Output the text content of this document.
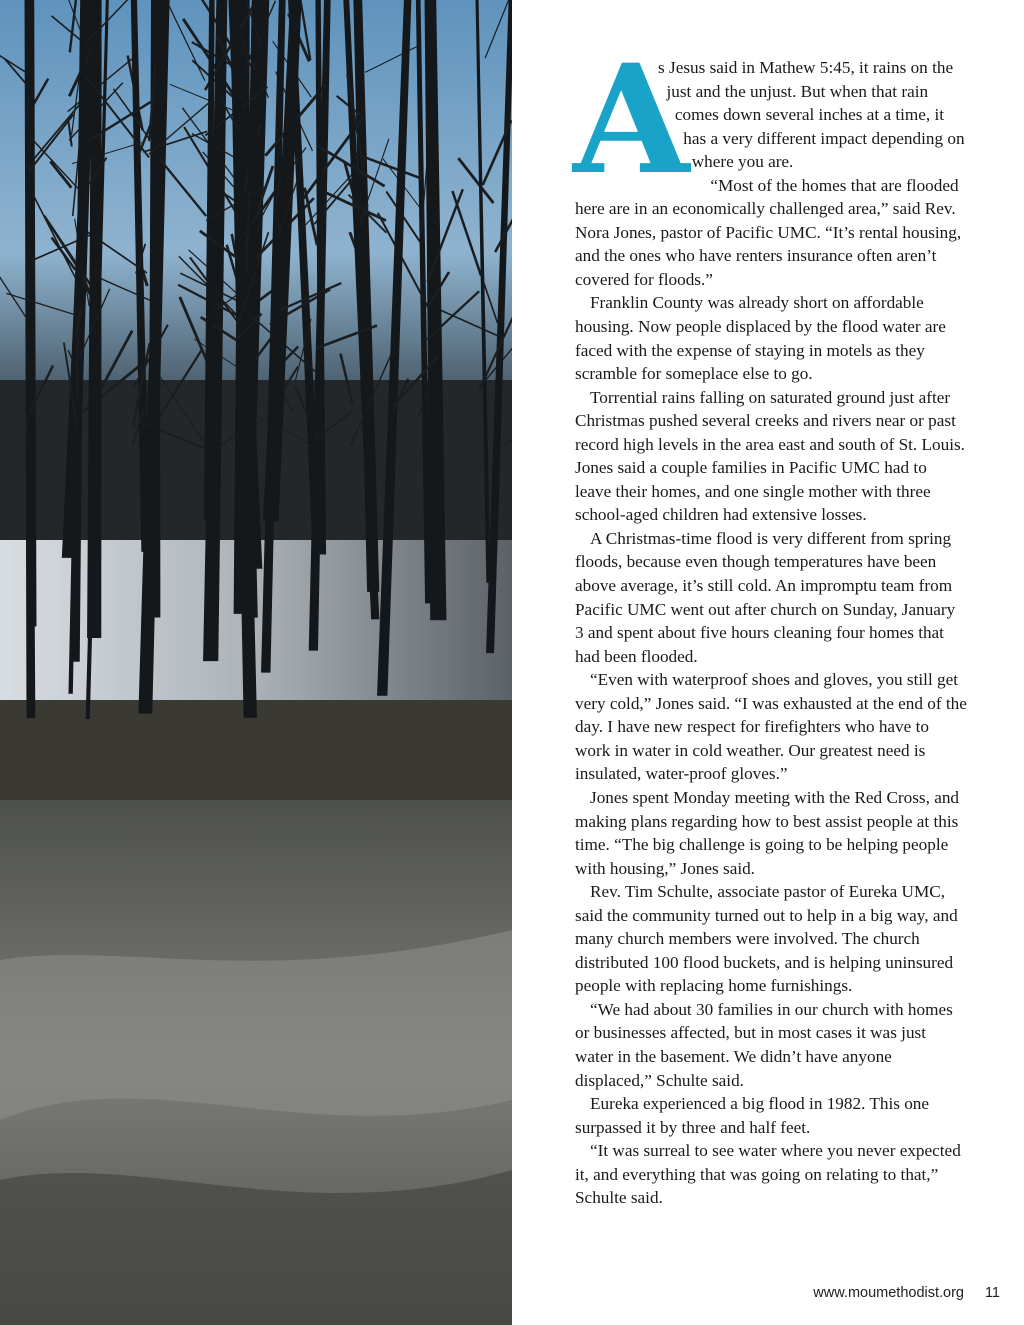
A

s Jesus said in Mathew 5:45, it rains on the just and the unjust. But when that rain comes down several inches at a time, it has a very different impact depending on where you are.

“Most of the homes that are flooded here are in an economically challenged area,” said Rev. Nora Jones, pastor of Pacific UMC. “It’s rental housing, and the ones who have renters insurance often aren’t covered for floods.”

Franklin County was already short on affordable housing. Now people displaced by the flood water are faced with the expense of staying in motels as they scramble for someplace else to go.

Torrential rains falling on saturated ground just after Christmas pushed several creeks and rivers near or past record high levels in the area east and south of St. Louis. Jones said a couple families in Pacific UMC had to leave their homes, and one single mother with three school-aged children had extensive losses.

A Christmas-time flood is very different from spring floods, because even though temperatures have been above average, it’s still cold. An impromptu team from Pacific UMC went out after church on Sunday, January 3 and spent about five hours cleaning four homes that had been flooded.

“Even with waterproof shoes and gloves, you still get very cold,” Jones said. “I was exhausted at the end of the day. I have new respect for firefighters who have to work in water in cold weather. Our greatest need is insulated, water-proof gloves.”

Jones spent Monday meeting with the Red Cross, and making plans regarding how to best assist people at this time. “The big challenge is going to be helping people with housing,” Jones said.

Rev. Tim Schulte, associate pastor of Eureka UMC, said the community turned out to help in a big way, and many church members were involved. The church distributed 100 flood buckets, and is helping uninsured people with replacing home furnishings.

“We had about 30 families in our church with homes or businesses affected, but in most cases it was just water in the basement. We didn’t have anyone displaced,” Schulte said.

Eureka experienced a big flood in 1982. This one surpassed it by three and half feet.

“It was surreal to see water where you never expected it, and everything that was going on relating to that,” Schulte said.

www.moumethodist.org 11
